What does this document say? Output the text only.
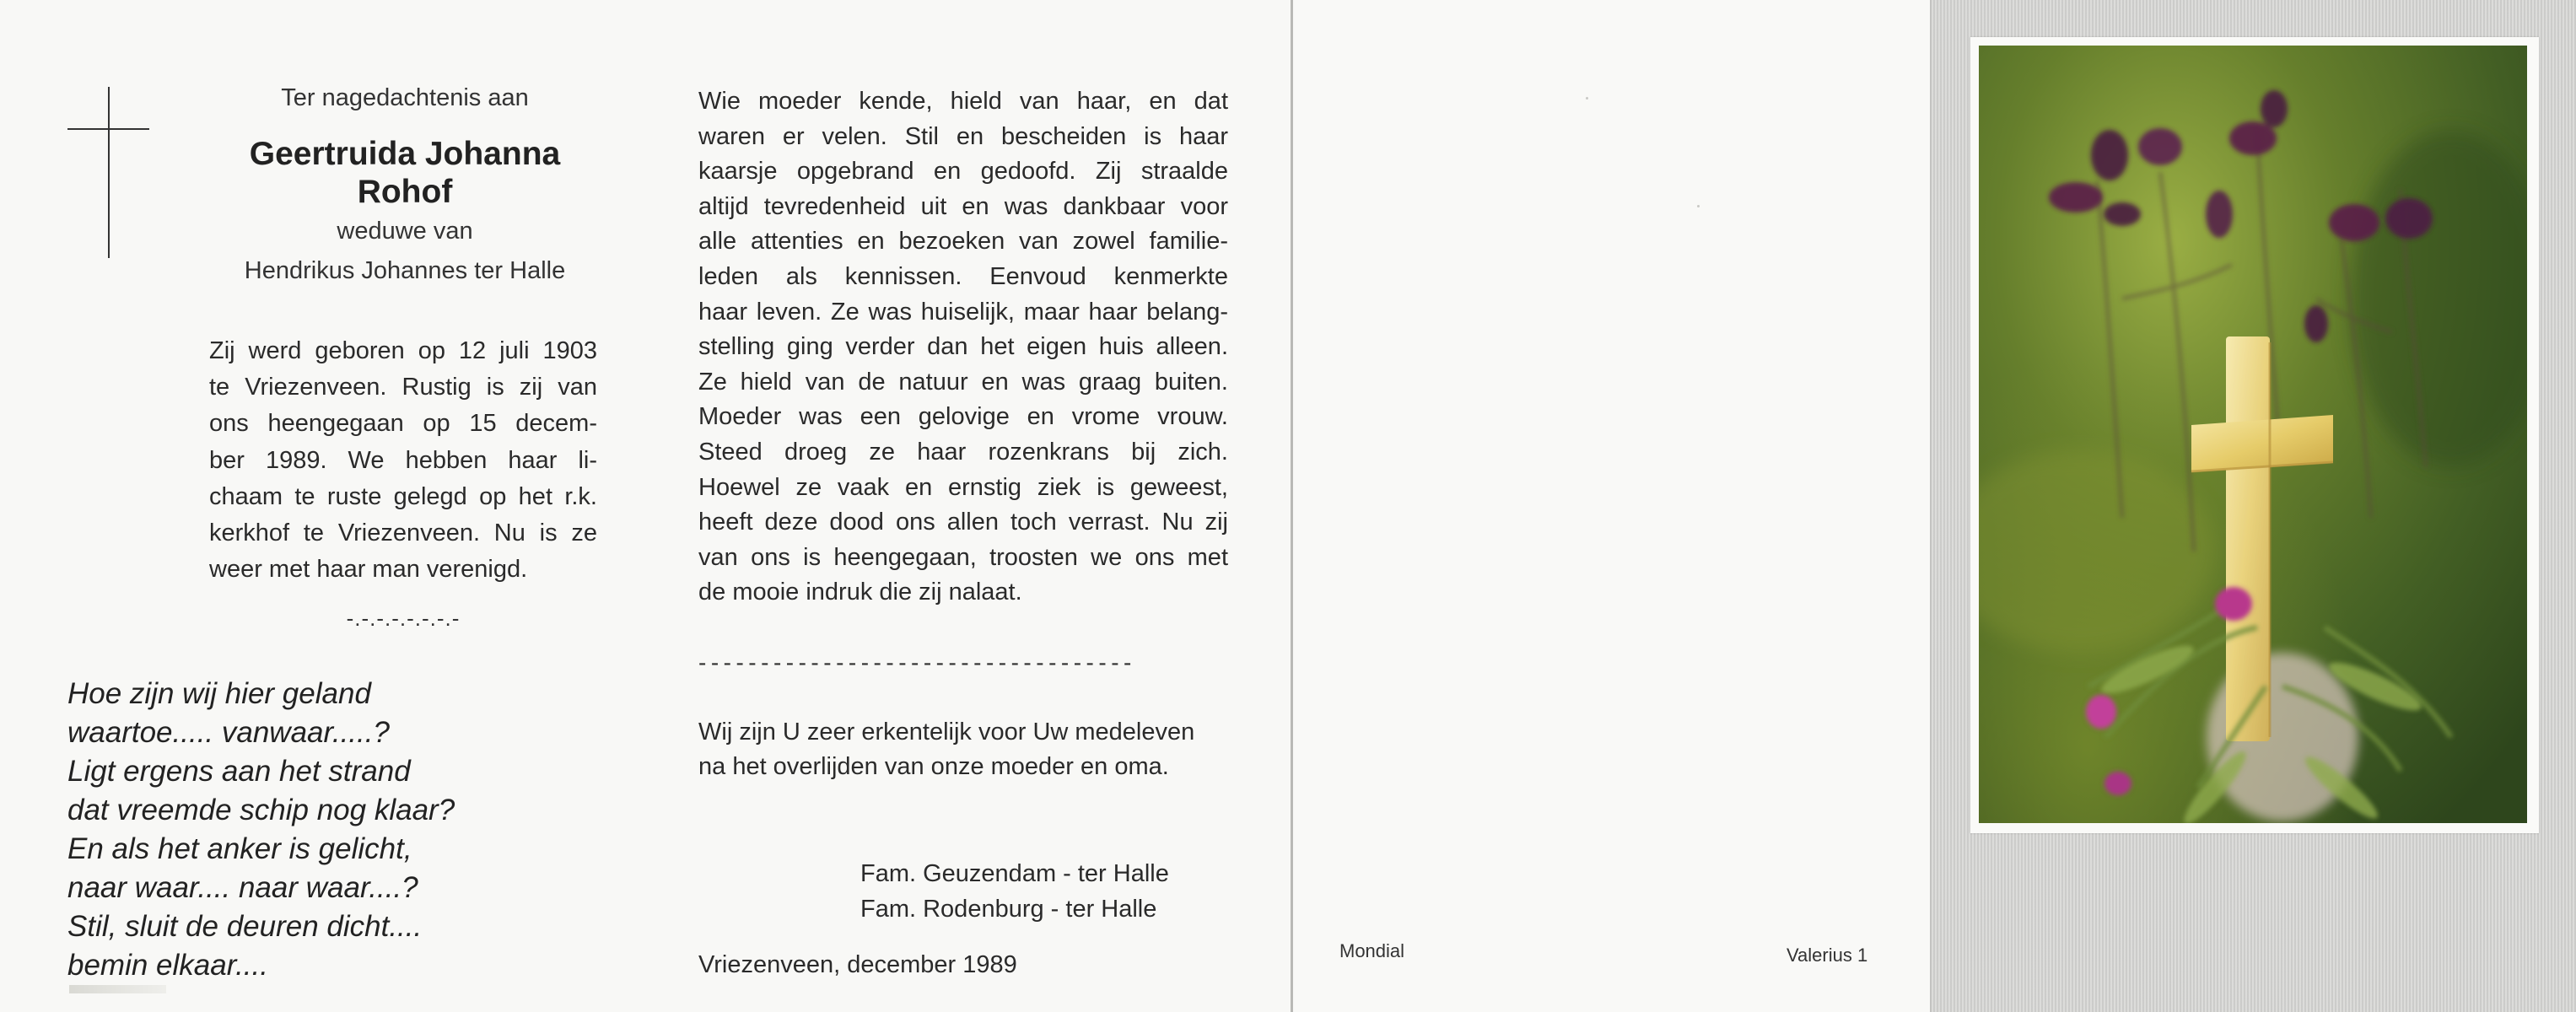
Ter nagedachtenis aan
Geertruida Johanna
Rohof
weduwe van
Hendrikus Johannes ter Halle
Zij werd geboren op 12 juli 1903
te Vriezenveen. Rustig is zij van
ons heengegaan op 15 decem-
ber 1989. We hebben haar li-
chaam te ruste gelegd op het r.k.
kerkhof te Vriezenveen. Nu is ze
weer met haar man verenigd.
-.-.-.-.-.-.-.-
Hoe zijn wij hier geland
waartoe..... vanwaar.....?
Ligt ergens aan het strand
dat vreemde schip nog klaar?
En als het anker is gelicht,
naar waar.... naar waar....?
Stil, sluit de deuren dicht....
bemin elkaar....
Wie moeder kende, hield van haar, en dat
waren er velen. Stil en bescheiden is haar
kaarsje opgebrand en gedoofd. Zij straalde
altijd tevredenheid uit en was dankbaar voor
alle attenties en bezoeken van zowel familie-
leden als kennissen. Eenvoud kenmerkte
haar leven. Ze was huiselijk, maar haar belang-
stelling ging verder dan het eigen huis alleen.
Ze hield van de natuur en was graag buiten.
Moeder was een gelovige en vrome vrouw.
Steed droeg ze haar rozenkrans bij zich.
Hoewel ze vaak en ernstig ziek is geweest,
heeft deze dood ons allen toch verrast. Nu zij
van ons is heengegaan, troosten we ons met
de mooie indruk die zij nalaat.
-----------------------------------
Wij zijn U zeer erkentelijk voor Uw medeleven
na het overlijden van onze moeder en oma.
Fam. Geuzendam - ter Halle
Fam. Rodenburg - ter Halle
Vriezenveen, december 1989
Mondial	Valerius 1
